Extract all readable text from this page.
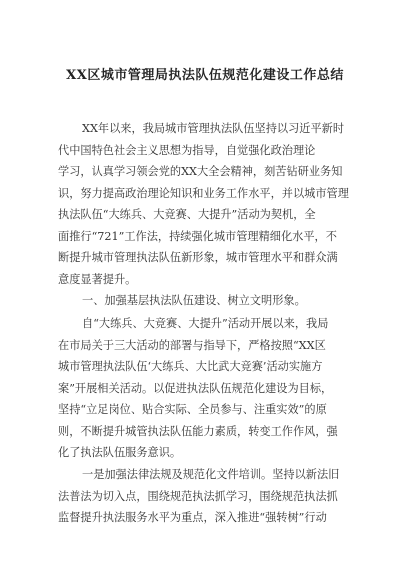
XX区城市管理局执法队伍规范化建设工作总结
XX年以来，我局城市管理执法队伍坚持以习近平新时
代中国特色社会主义思想为指导，自觉强化政治理论
学习，认真学习领会党的XX大全会精神，刻苦钻研业务知
识，努力提高政治理论知识和业务工作水平，并以城市管理
执法队伍“大练兵、大竞赛、大提升”活动为契机，全
面推行“721”工作法，持续强化城市管理精细化水平，不
断提升城市管理执法队伍新形象，城市管理水平和群众满
意度显著提升。
一、加强基层执法队伍建设、树立文明形象。
自“大练兵、大竞赛、大提升”活动开展以来，我局
在市局关于三大活动的部署与指导下，严格按照“XX区
城市管理执法队伍‘大练兵、大比武大竞赛’活动实施方
案”开展相关活动。以促进执法队伍规范化建设为目标，
坚持“立足岗位、贴合实际、全员参与、注重实效”的原
则，不断提升城管执法队伍能力素质，转变工作作风，强
化了执法队伍服务意识。
一是加强法律法规及规范化文件培训。坚持以新法旧
法普法为切入点，围绕规范执法抓学习，围绕规范执法抓
监督提升执法服务水平为重点，深入推进“强转树”行动
